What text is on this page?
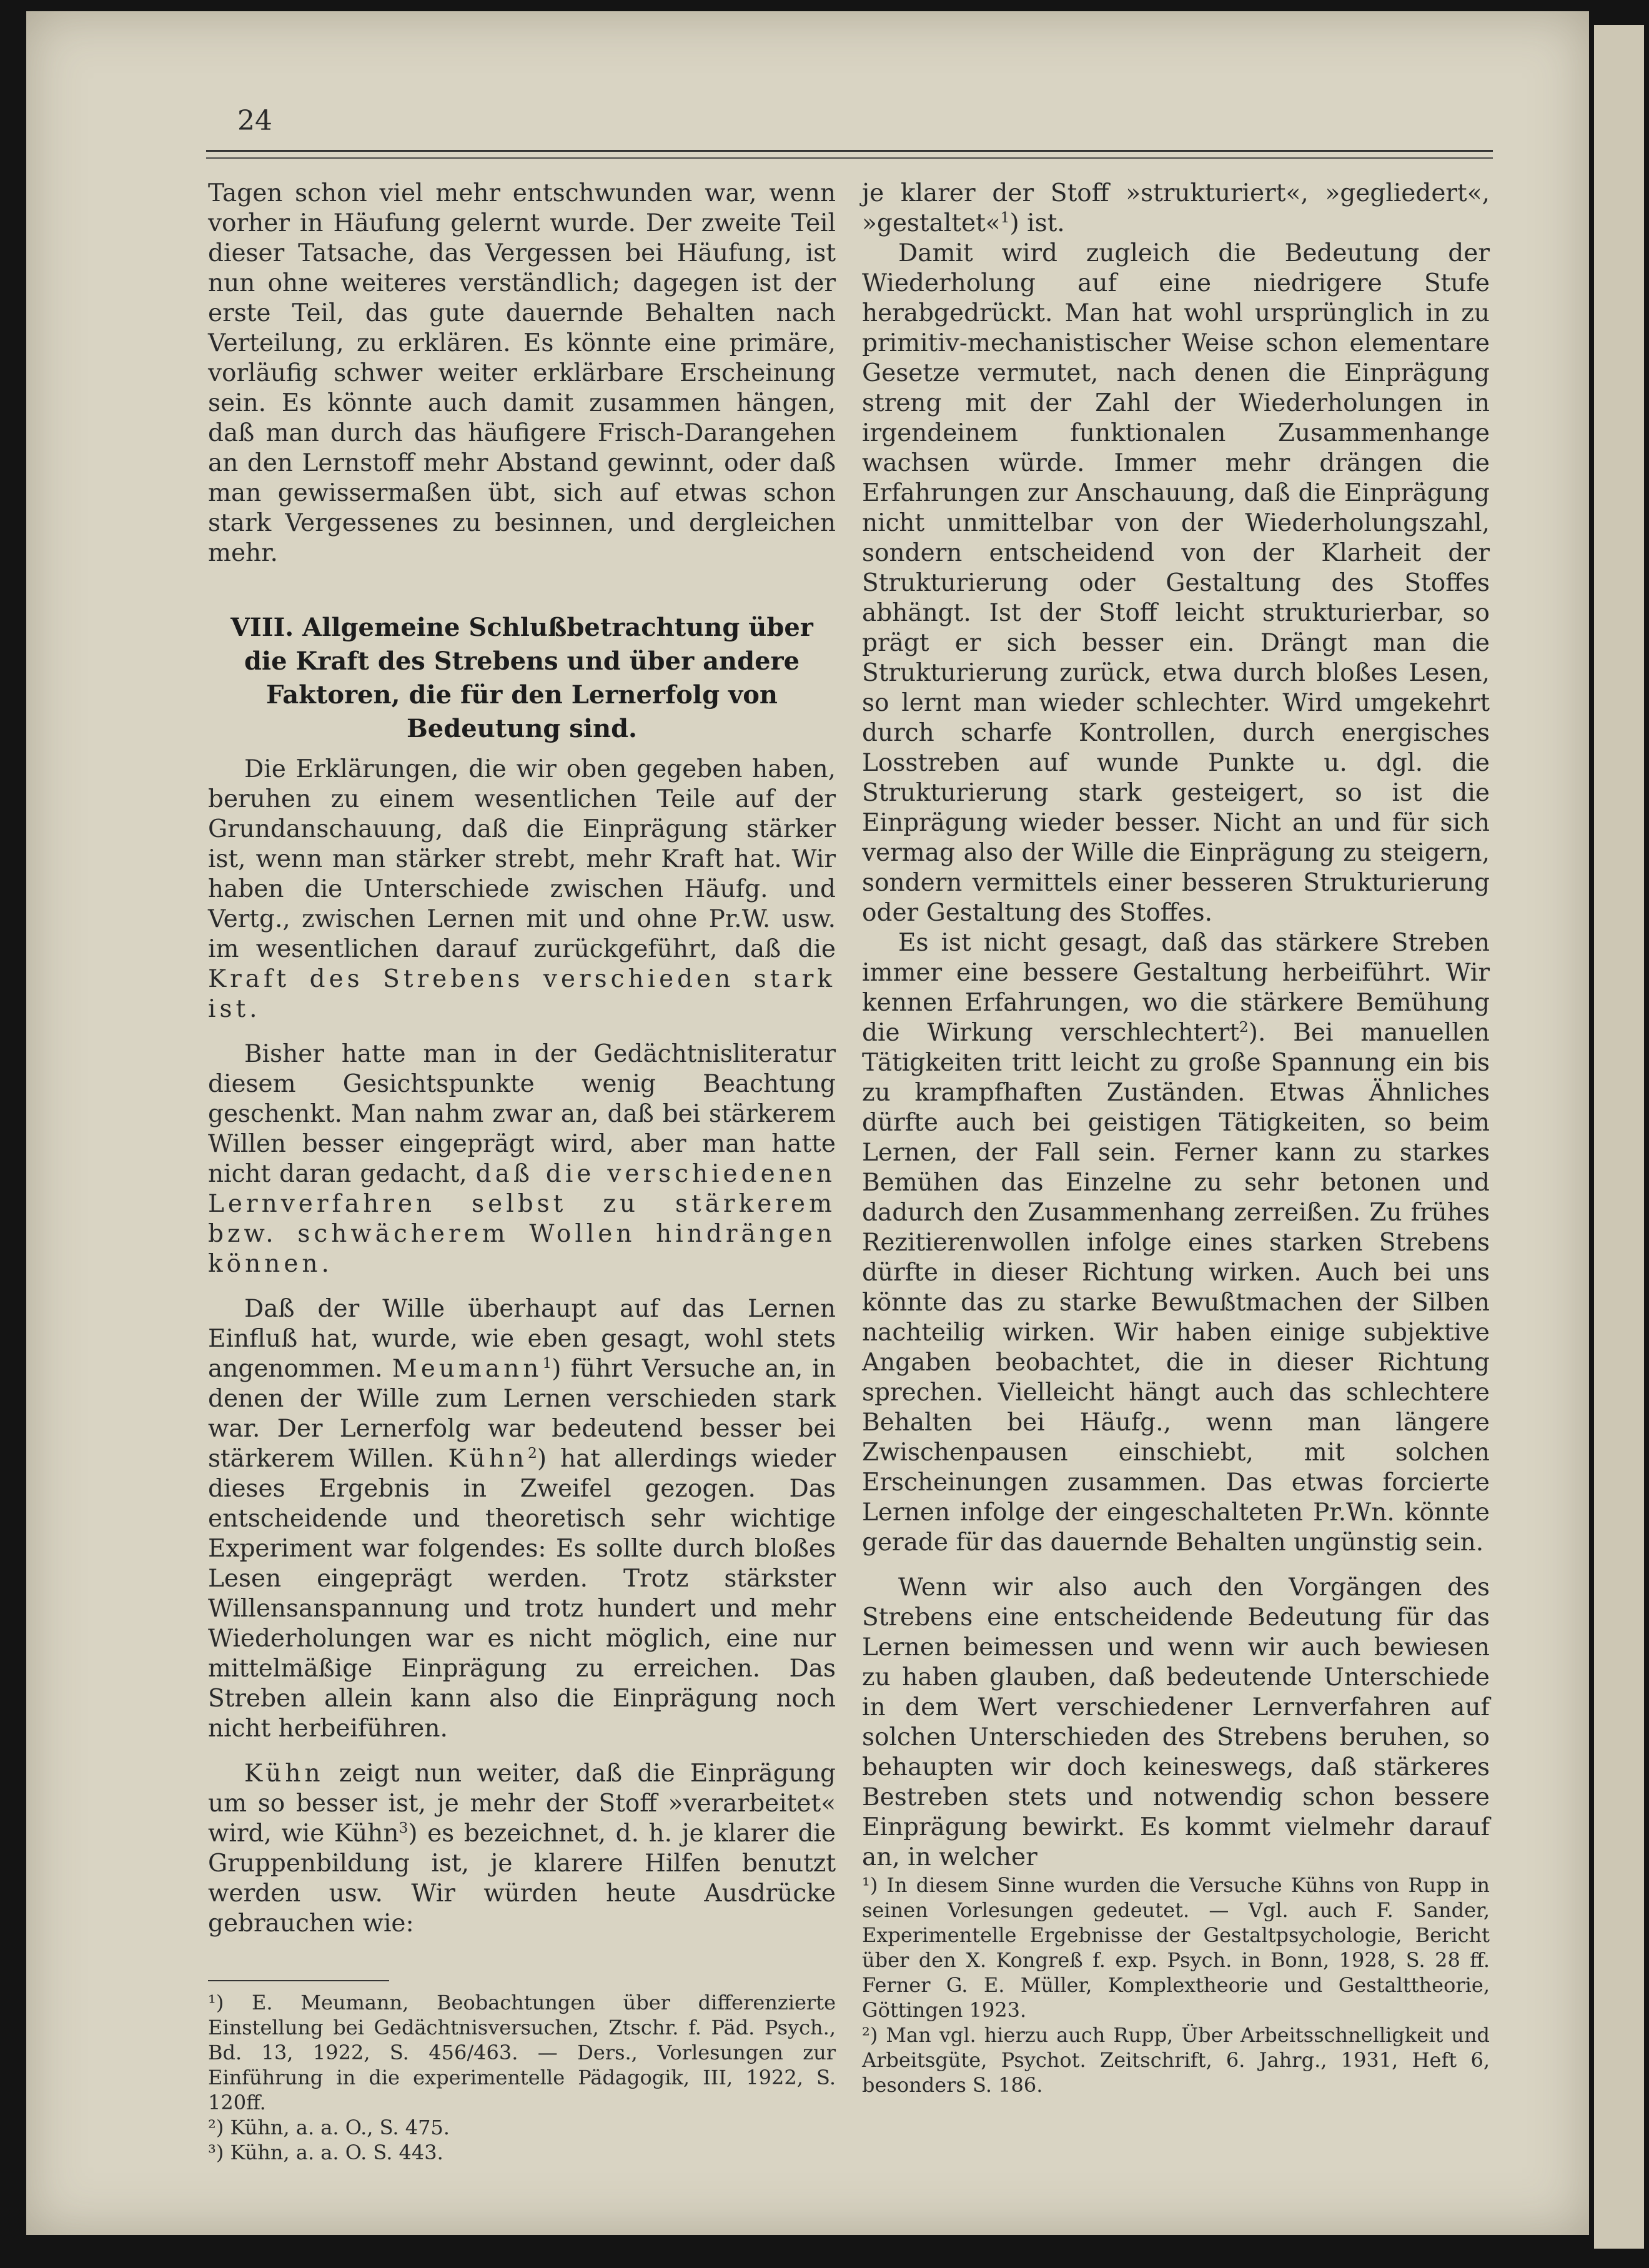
24

Tagen schon viel mehr entschwunden war, wenn vorher in Häufung gelernt wurde. Der zweite Teil dieser Tatsache, das Vergessen bei Häufung, ist nun ohne weiteres verständlich; dagegen ist der erste Teil, das gute dauernde Behalten nach Verteilung, zu erklären. Es könnte eine primäre, vorläufig schwer weiter erklärbare Erscheinung sein. Es könnte auch damit zusammen hängen, daß man durch das häufigere Frisch-Darangehen an den Lernstoff mehr Abstand gewinnt, oder daß man gewissermaßen übt, sich auf etwas schon stark Vergessenes zu besinnen, und dergleichen mehr.

VIII. Allgemeine Schlußbetrachtung über die Kraft des Strebens und über andere Faktoren, die für den Lernerfolg von Bedeutung sind.

Die Erklärungen, die wir oben gegeben haben, beruhen zu einem wesentlichen Teile auf der Grundanschauung, daß die Einprägung stärker ist, wenn man stärker strebt, mehr Kraft hat. Wir haben die Unterschiede zwischen Häufg. und Vertg., zwischen Lernen mit und ohne Pr.W. usw. im wesentlichen darauf zurückgeführt, daß die Kraft des Strebens verschieden stark ist.

Bisher hatte man in der Gedächtnisliteratur diesem Gesichtspunkte wenig Beachtung geschenkt. Man nahm zwar an, daß bei stärkerem Willen besser eingeprägt wird, aber man hatte nicht daran gedacht, daß die verschiedenen Lernverfahren selbst zu stärkerem bzw. schwächerem Wollen hindrängen können.

Daß der Wille überhaupt auf das Lernen Einfluß hat, wurde, wie eben gesagt, wohl stets angenommen. Meumann$^1$) führt Versuche an, in denen der Wille zum Lernen verschieden stark war. Der Lernerfolg war bedeutend besser bei stärkerem Willen. Kühn$^2$) hat allerdings wieder dieses Ergebnis in Zweifel gezogen. Das entscheidende und theoretisch sehr wichtige Experiment war folgendes: Es sollte durch bloßes Lesen eingeprägt werden. Trotz stärkster Willensanspannung und trotz hundert und mehr Wiederholungen war es nicht möglich, eine nur mittelmäßige Einprägung zu erreichen. Das Streben allein kann also die Einprägung noch nicht herbeiführen.

Kühn zeigt nun weiter, daß die Einprägung um so besser ist, je mehr der Stoff »verarbeitet« wird, wie Kühn$^3$) es bezeichnet, d. h. je klarer die Gruppenbildung ist, je klarere Hilfen benutzt werden usw. Wir würden heute Ausdrücke gebrauchen wie:

¹) E. Meumann, Beobachtungen über differenzierte Einstellung bei Gedächtnisversuchen, Ztschr. f. Päd. Psych., Bd. 13, 1922, S. 456/463. — Ders., Vorlesungen zur Einführung in die experimentelle Pädagogik, III, 1922, S. 120ff.

²) Kühn, a. a. O., S. 475.

³) Kühn, a. a. O. S. 443.

je klarer der Stoff »strukturiert«, »gegliedert«, »gestaltet«$^1$) ist.

Damit wird zugleich die Bedeutung der Wiederholung auf eine niedrigere Stufe herabgedrückt. Man hat wohl ursprünglich in zu primitiv-mechanistischer Weise schon elementare Gesetze vermutet, nach denen die Einprägung streng mit der Zahl der Wiederholungen in irgendeinem funktionalen Zusammenhange wachsen würde. Immer mehr drängen die Erfahrungen zur Anschauung, daß die Einprägung nicht unmittelbar von der Wiederholungszahl, sondern entscheidend von der Klarheit der Strukturierung oder Gestaltung des Stoffes abhängt. Ist der Stoff leicht strukturierbar, so prägt er sich besser ein. Drängt man die Strukturierung zurück, etwa durch bloßes Lesen, so lernt man wieder schlechter. Wird umgekehrt durch scharfe Kontrollen, durch energisches Losstreben auf wunde Punkte u. dgl. die Strukturierung stark gesteigert, so ist die Einprägung wieder besser. Nicht an und für sich vermag also der Wille die Einprägung zu steigern, sondern vermittels einer besseren Strukturierung oder Gestaltung des Stoffes.

Es ist nicht gesagt, daß das stärkere Streben immer eine bessere Gestaltung herbeiführt. Wir kennen Erfahrungen, wo die stärkere Bemühung die Wirkung verschlechtert$^2$). Bei manuellen Tätigkeiten tritt leicht zu große Spannung ein bis zu krampfhaften Zuständen. Etwas Ähnliches dürfte auch bei geistigen Tätigkeiten, so beim Lernen, der Fall sein. Ferner kann zu starkes Bemühen das Einzelne zu sehr betonen und dadurch den Zusammenhang zerreißen. Zu frühes Rezitierenwollen infolge eines starken Strebens dürfte in dieser Richtung wirken. Auch bei uns könnte das zu starke Bewußtmachen der Silben nachteilig wirken. Wir haben einige subjektive Angaben beobachtet, die in dieser Richtung sprechen. Vielleicht hängt auch das schlechtere Behalten bei Häufg., wenn man längere Zwischenpausen einschiebt, mit solchen Erscheinungen zusammen. Das etwas forcierte Lernen infolge der eingeschalteten Pr.Wn. könnte gerade für das dauernde Behalten ungünstig sein.

Wenn wir also auch den Vorgängen des Strebens eine entscheidende Bedeutung für das Lernen beimessen und wenn wir auch bewiesen zu haben glauben, daß bedeutende Unterschiede in dem Wert verschiedener Lernverfahren auf solchen Unterschieden des Strebens beruhen, so behaupten wir doch keineswegs, daß stärkeres Bestreben stets und notwendig schon bessere Einprägung bewirkt. Es kommt vielmehr darauf an, in welcher

¹) In diesem Sinne wurden die Versuche Kühns von Rupp in seinen Vorlesungen gedeutet. — Vgl. auch F. Sander, Experimentelle Ergebnisse der Gestaltpsychologie, Bericht über den X. Kongreß f. exp. Psych. in Bonn, 1928, S. 28 ff. Ferner G. E. Müller, Komplextheorie und Gestalttheorie, Göttingen 1923.

²) Man vgl. hierzu auch Rupp, Über Arbeitsschnelligkeit und Arbeitsgüte, Psychot. Zeitschrift, 6. Jahrg., 1931, Heft 6, besonders S. 186.
